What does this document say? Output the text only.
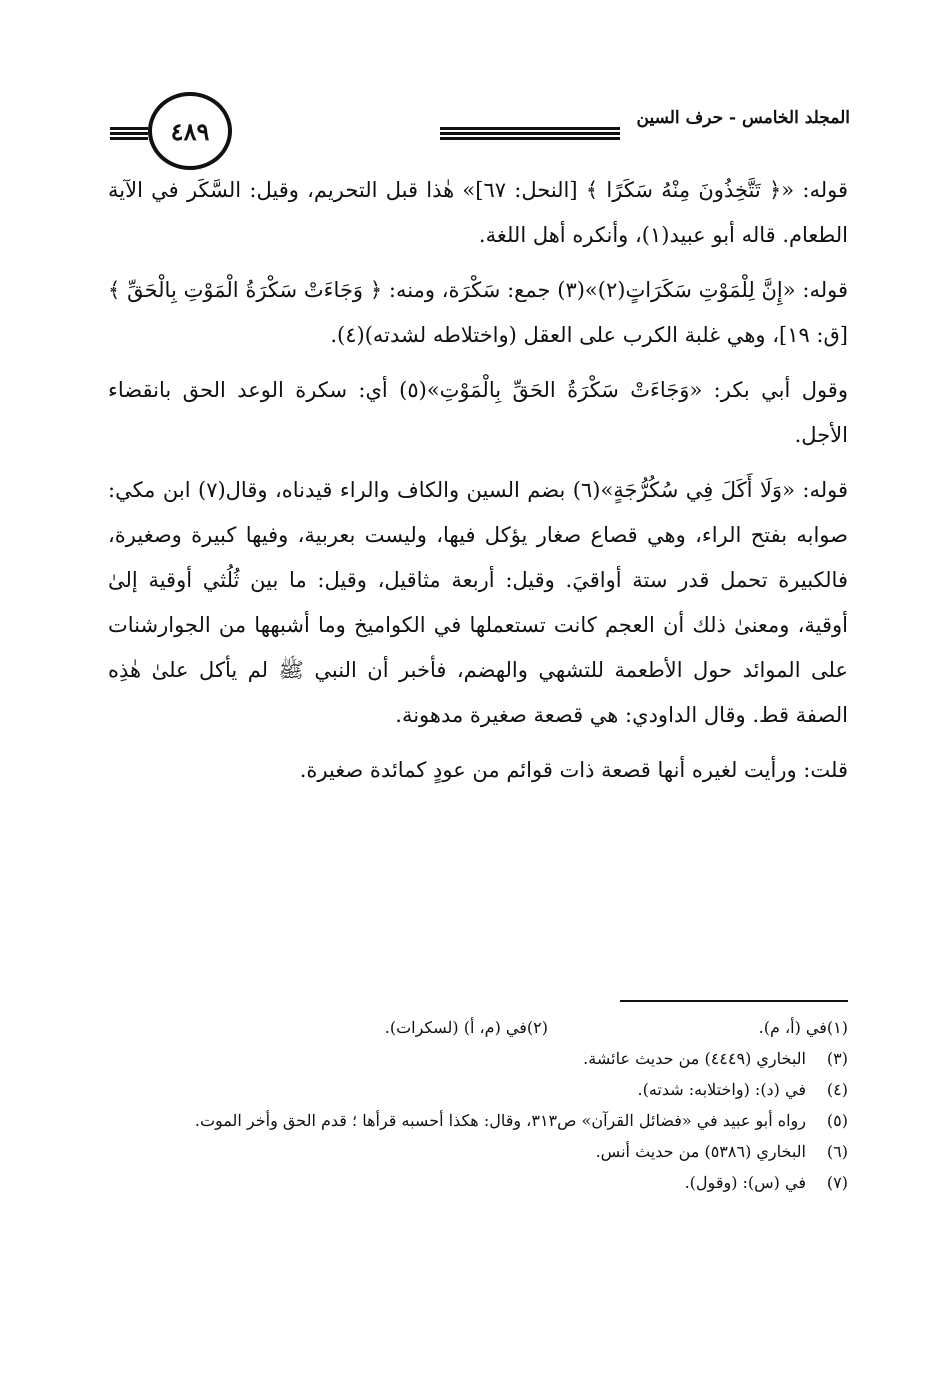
المجلد الخامس - حرف السين
٤٨٩

قوله: «﴿ تَتَّخِذُونَ مِنْهُ سَكَرًا ﴾ [النحل: ٦٧]» هٰذا قبل التحريم، وقيل: السَّكَر في الآية الطعام. قاله أبو عبيد(١)، وأنكره أهل اللغة.

قوله: «إِنَّ لِلْمَوْتِ سَكَرَاتٍ(٢)»(٣) جمع: سَكْرَة، ومنه: ﴿ وَجَاءَتْ سَكْرَةُ الْمَوْتِ بِالْحَقِّ ﴾ [ق: ١٩]، وهي غلبة الكرب على العقل (واختلاطه لشدته)(٤).

وقول أبي بكر: «وَجَاءَتْ سَكْرَةُ الحَقِّ بِالْمَوْتِ»(٥) أي: سكرة الوعد الحق بانقضاء الأجل.

قوله: «وَلَا أَكَلَ فِي سُكُرُّجَةٍ»(٦) بضم السين والكاف والراء قيدناه، وقال(٧) ابن مكي: صوابه بفتح الراء، وهي قصاع صغار يؤكل فيها، وليست بعربية، وفيها كبيرة وصغيرة، فالكبيرة تحمل قدر ستة أواقيَ. وقيل: أربعة مثاقيل، وقيل: ما بين ثُلُثي أوقية إلىٰ أوقية، ومعنىٰ ذلك أن العجم كانت تستعملها في الكواميخ وما أشبهها من الجوارشنات على الموائد حول الأطعمة للتشهي والهضم، فأخبر أن النبي ﷺ لم يأكل علىٰ هٰذِه الصفة قط. وقال الداودي: هي قصعة صغيرة مدهونة.

قلت: ورأيت لغيره أنها قصعة ذات قوائم من عودٍ كمائدة صغيرة.

(١)
في (أ، م).
(٢)
في (م، أ) (لسكرات).
(٣)
البخاري (٤٤٤٩) من حديث عائشة.
(٤)
في (د): (واختلابه: شدته).
(٥)
رواه أبو عبيد في «فضائل القرآن» ص٣١٣، وقال: هكذا أحسبه قرأها ؛ قدم الحق وأخر الموت.
(٦)
البخاري (٥٣٨٦) من حديث أنس.
(٧)
في (س): (وقول).
